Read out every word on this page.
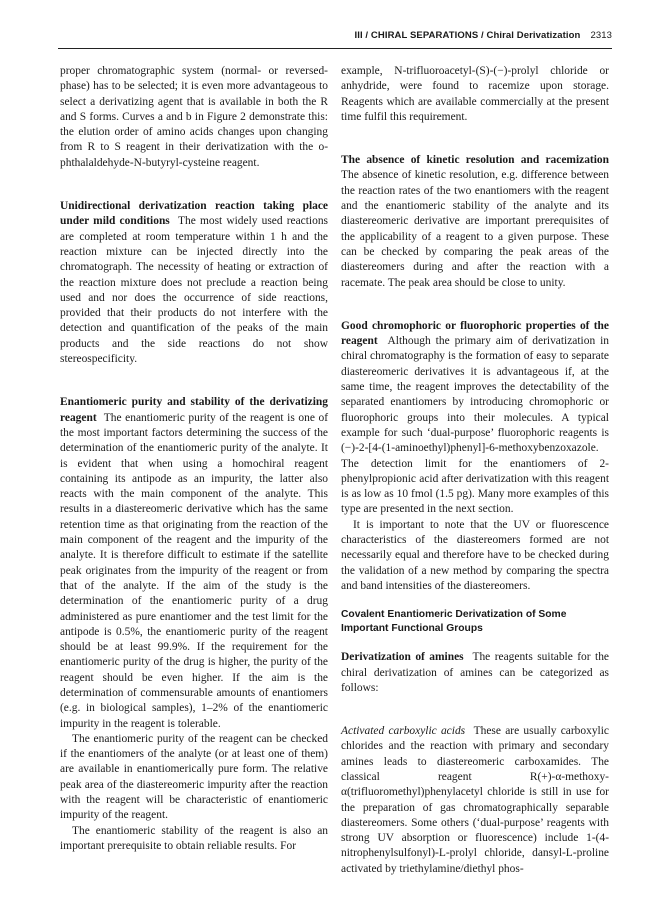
III / CHIRAL SEPARATIONS / Chiral Derivatization 2313

proper chromatographic system (normal- or reversed-phase) has to be selected; it is even more advantageous to select a derivatizing agent that is available in both the R and S forms. Curves a and b in Figure 2 demonstrate this: the elution order of amino acids changes upon changing from R to S reagent in their derivatization with the o-phthalaldehyde-N-butyryl-cysteine reagent.

Unidirectional derivatization reaction taking place under mild conditions The most widely used reactions are completed at room temperature within 1 h and the reaction mixture can be injected directly into the chromatograph. The necessity of heating or extraction of the reaction mixture does not preclude a reaction being used and nor does the occurrence of side reactions, provided that their products do not interfere with the detection and quantification of the peaks of the main products and the side reactions do not show stereospecificity.

Enantiomeric purity and stability of the derivatizing reagent The enantiomeric purity of the reagent is one of the most important factors determining the success of the determination of the enantiomeric purity of the analyte. It is evident that when using a homochiral reagent containing its antipode as an impurity, the latter also reacts with the main component of the analyte. This results in a diastereomeric derivative which has the same retention time as that originating from the reaction of the main component of the reagent and the impurity of the analyte. It is therefore difficult to estimate if the satellite peak originates from the impurity of the reagent or from that of the analyte. If the aim of the study is the determination of the enantiomeric purity of a drug administered as pure enantiomer and the test limit for the antipode is 0.5%, the enantiomeric purity of the reagent should be at least 99.9%. If the requirement for the enantiomeric purity of the drug is higher, the purity of the reagent should be even higher. If the aim is the determination of commensurable amounts of enantiomers (e.g. in biological samples), 1–2% of the enantiomeric impurity in the reagent is tolerable.

The enantiomeric purity of the reagent can be checked if the enantiomers of the analyte (or at least one of them) are available in enantiomerically pure form. The relative peak area of the diastereomeric impurity after the reaction with the reagent will be characteristic of enantiomeric impurity of the reagent.

The enantiomeric stability of the reagent is also an important prerequisite to obtain reliable results. For

example, N-trifluoroacetyl-(S)-(−)-prolyl chloride or anhydride, were found to racemize upon storage. Reagents which are available commercially at the present time fulfil this requirement.

The absence of kinetic resolution and racemization The absence of kinetic resolution, e.g. difference between the reaction rates of the two enantiomers with the reagent and the enantiomeric stability of the analyte and its diastereomeric derivative are important prerequisites of the applicability of a reagent to a given purpose. These can be checked by comparing the peak areas of the diastereomers during and after the reaction with a racemate. The peak area should be close to unity.

Good chromophoric or fluorophoric properties of the reagent Although the primary aim of derivatization in chiral chromatography is the formation of easy to separate diastereomeric derivatives it is advantageous if, at the same time, the reagent improves the detectability of the separated enantiomers by introducing chromophoric or fluorophoric groups into their molecules. A typical example for such ‘dual-purpose’ fluorophoric reagents is (−)-2-[4-(1-aminoethyl)phenyl]-6-methoxybenzoxazole. The detection limit for the enantiomers of 2-phenylpropionic acid after derivatization with this reagent is as low as 10 fmol (1.5 pg). Many more examples of this type are presented in the next section.

It is important to note that the UV or fluorescence characteristics of the diastereomers formed are not necessarily equal and therefore have to be checked during the validation of a new method by comparing the spectra and band intensities of the diastereomers.

Covalent Enantiomeric Derivatization of Some Important Functional Groups

Derivatization of amines The reagents suitable for the chiral derivatization of amines can be categorized as follows:

Activated carboxylic acids These are usually carboxylic chlorides and the reaction with primary and secondary amines leads to diastereomeric carboxamides. The classical reagent R(+)-α-methoxy-α(trifluoromethyl)phenylacetyl chloride is still in use for the preparation of gas chromatographically separable diastereomers. Some others (‘dual-purpose’ reagents with strong UV absorption or fluorescence) include 1-(4-nitrophenylsulfonyl)-L-prolyl chloride, dansyl-L-proline activated by triethylamine/diethyl phos-
